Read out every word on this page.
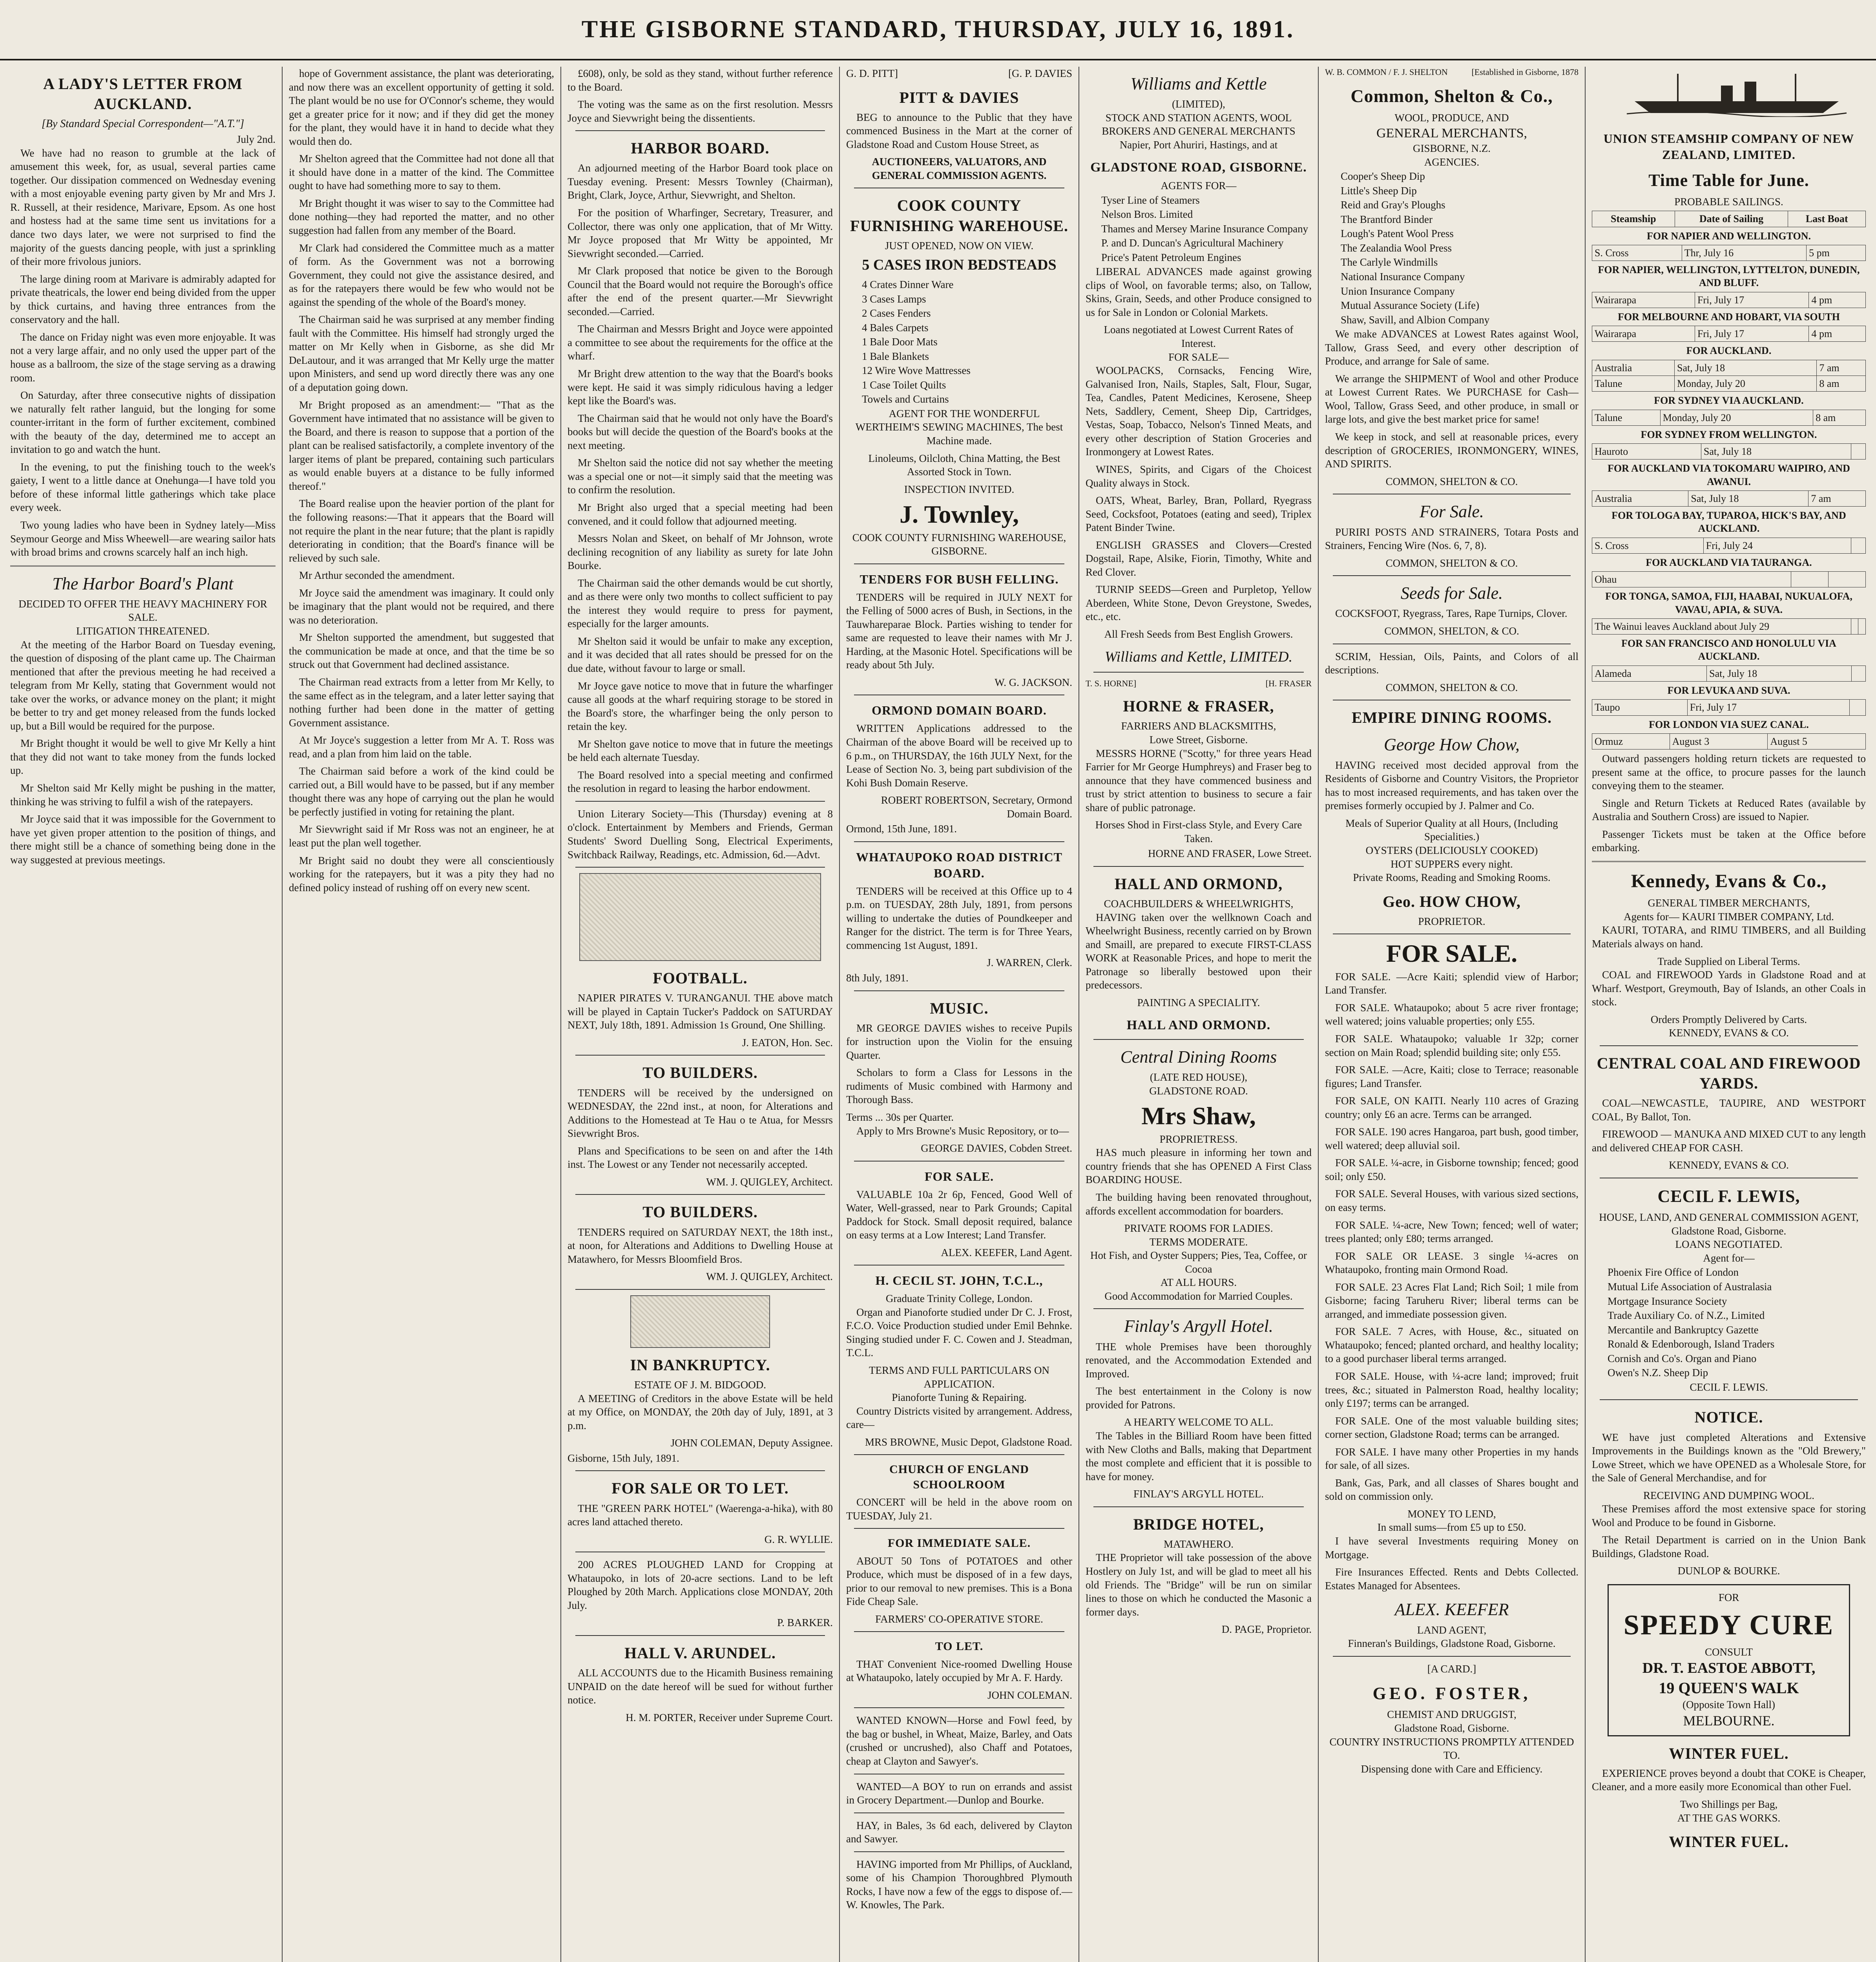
THE GISBORNE STANDARD, THURSDAY, JULY 16, 1891.
A LADY'S LETTER FROM AUCKLAND.
[By Standard Special Correspondent—"A.T."]
July 2nd.

We have had no reason to grumble at the lack of amusement this week, for, as usual, several parties came together. Our dissipation commenced on Wednesday evening with a most enjoyable evening party given by Mr and Mrs J. R. Russell, at their residence, Marivare, Epsom. As one host and hostess had at the same time sent us invitations for a dance two days later, we were not surprised to find the majority of the guests dancing people, with just a sprinkling of their more frivolous juniors.

The large dining room at Marivare is admirably adapted for private theatricals, the lower end being divided from the upper by thick curtains, and having three entrances from the conservatory and the hall.

The dance on Friday night was even more enjoyable. It was not a very large affair, and no only used the upper part of the house as a ballroom, the size of the stage serving as a drawing room.

On Saturday, after three consecutive nights of dissipation we naturally felt rather languid, but the longing for some counter-irritant in the form of further excitement, combined with the beauty of the day, determined me to accept an invitation to go and watch the hunt.

In the evening, to put the finishing touch to the week's gaiety, I went to a little dance at Onehunga—I have told you before of these informal little gatherings which take place every week.

Two young ladies who have been in Sydney lately—Miss Seymour George and Miss Wheewell—are wearing sailor hats with broad brims and crowns scarcely half an inch high.

The Harbor Board's Plant
DECIDED TO OFFER THE HEAVY MACHINERY FOR SALE.
LITIGATION THREATENED.

At the meeting of the Harbor Board on Tuesday evening, the question of disposing of the plant came up. The Chairman mentioned that after the previous meeting he had received a telegram from Mr Kelly, stating that Government would not take over the works, or advance money on the plant; it might be better to try and get money released from the funds locked up, but a Bill would be required for the purpose.

Mr Bright thought it would be well to give Mr Kelly a hint that they did not want to take money from the funds locked up.

Mr Shelton said Mr Kelly might be pushing in the matter, thinking he was striving to fulfil a wish of the ratepayers.

Mr Joyce said that it was impossible for the Government to have yet given proper attention to the position of things, and there might still be a chance of something being done in the way suggested at previous meetings.

hope of Government assistance, the plant was deteriorating, and now there was an excellent opportunity of getting it sold. The plant would be no use for O'Connor's scheme, they would get a greater price for it now; and if they did get the money for the plant, they would have it in hand to decide what they would then do.

Mr Shelton agreed that the Committee had not done all that it should have done in a matter of the kind. The Committee ought to have had something more to say to them.

Mr Bright thought it was wiser to say to the Committee had done nothing—they had reported the matter, and no other suggestion had fallen from any member of the Board.

Mr Clark had considered the Committee much as a matter of form. As the Government was not a borrowing Government, they could not give the assistance desired, and as for the ratepayers there would be few who would not be against the spending of the whole of the Board's money.

The Chairman said he was surprised at any member finding fault with the Committee. His himself had strongly urged the matter on Mr Kelly when in Gisborne, as she did Mr DeLautour, and it was arranged that Mr Kelly urge the matter upon Ministers, and send up word directly there was any one of a deputation going down.

Mr Bright proposed as an amendment:— "That as the Government have intimated that no assistance will be given to the Board, and there is reason to suppose that a portion of the plant can be realised satisfactorily, a complete inventory of the larger items of plant be prepared, containing such particulars as would enable buyers at a distance to be fully informed thereof."

The Board realise upon the heavier portion of the plant for the following reasons:—That it appears that the Board will not require the plant in the near future; that the plant is rapidly deteriorating in condition; that the Board's finance will be relieved by such sale.

Mr Arthur seconded the amendment.

Mr Joyce said the amendment was imaginary. It could only be imaginary that the plant would not be required, and there was no deterioration.

Mr Shelton supported the amendment, but suggested that the communication be made at once, and that the time be so struck out that Government had declined assistance.

The Chairman read extracts from a letter from Mr Kelly, to the same effect as in the telegram, and a later letter saying that nothing further had been done in the matter of getting Government assistance.

At Mr Joyce's suggestion a letter from Mr A. T. Ross was read, and a plan from him laid on the table.

The Chairman said before a work of the kind could be carried out, a Bill would have to be passed, but if any member thought there was any hope of carrying out the plan he would be perfectly justified in voting for retaining the plant.

Mr Sievwright said if Mr Ross was not an engineer, he at least put the plan well together.

Mr Bright said no doubt they were all conscientiously working for the ratepayers, but it was a pity they had no defined policy instead of rushing off on every new scent.

£608), only, be sold as they stand, without further reference to the Board.

The voting was the same as on the first resolution. Messrs Joyce and Sievwright being the dissentients.

HARBOR BOARD.

An adjourned meeting of the Harbor Board took place on Tuesday evening. Present: Messrs Townley (Chairman), Bright, Clark, Joyce, Arthur, Sievwright, and Shelton.

For the position of Wharfinger, Secretary, Treasurer, and Collector, there was only one application, that of Mr Witty. Mr Joyce proposed that Mr Witty be appointed, Mr Sievwright seconded.—Carried.

Mr Clark proposed that notice be given to the Borough Council that the Board would not require the Borough's office after the end of the present quarter.—Mr Sievwright seconded.—Carried.

The Chairman and Messrs Bright and Joyce were appointed a committee to see about the requirements for the office at the wharf.

Mr Bright drew attention to the way that the Board's books were kept. He said it was simply ridiculous having a ledger kept like the Board's was.

The Chairman said that he would not only have the Board's books but will decide the question of the Board's books at the next meeting.

Mr Shelton said the notice did not say whether the meeting was a special one or not—it simply said that the meeting was to confirm the resolution.

Mr Bright also urged that a special meeting had been convened, and it could follow that adjourned meeting.

Messrs Nolan and Skeet, on behalf of Mr Johnson, wrote declining recognition of any liability as surety for late John Bourke.

The Chairman said the other demands would be cut shortly, and as there were only two months to collect sufficient to pay the interest they would require to press for payment, especially for the larger amounts.

Mr Shelton said it would be unfair to make any exception, and it was decided that all rates should be pressed for on the due date, without favour to large or small.

Mr Joyce gave notice to move that in future the wharfinger cause all goods at the wharf requiring storage to be stored in the Board's store, the wharfinger being the only person to retain the key.

Mr Shelton gave notice to move that in future the meetings be held each alternate Tuesday.

The Board resolved into a special meeting and confirmed the resolution in regard to leasing the harbor endowment.

Union Literary Society—This (Thursday) evening at 8 o'clock. Entertainment by Members and Friends, German Students' Sword Duelling Song, Electrical Experiments, Switchback Railway, Readings, etc. Admission, 6d.—Advt.

FOOTBALL.

NAPIER PIRATES V. TURANGANUI. THE above match will be played in Captain Tucker's Paddock on SATURDAY NEXT, July 18th, 1891. Admission 1s Ground, One Shilling.

J. EATON, Hon. Sec.
TO BUILDERS.

TENDERS will be received by the undersigned on WEDNESDAY, the 22nd inst., at noon, for Alterations and Additions to the Homestead at Te Hau o te Atua, for Messrs Sievwright Bros.

Plans and Specifications to be seen on and after the 14th inst. The Lowest or any Tender not necessarily accepted.

WM. J. QUIGLEY, Architect.
TO BUILDERS.

TENDERS required on SATURDAY NEXT, the 18th inst., at noon, for Alterations and Additions to Dwelling House at Matawhero, for Messrs Bloomfield Bros.

WM. J. QUIGLEY, Architect.
IN BANKRUPTCY.
ESTATE OF J. M. BIDGOOD.

A MEETING of Creditors in the above Estate will be held at my Office, on MONDAY, the 20th day of July, 1891, at 3 p.m.

JOHN COLEMAN, Deputy Assignee.
Gisborne, 15th July, 1891.
FOR SALE OR TO LET.

THE "GREEN PARK HOTEL" (Waerenga-a-hika), with 80 acres land attached thereto.

G. R. WYLLIE.

200 ACRES PLOUGHED LAND for Cropping at Whataupoko, in lots of 20-acre sections. Land to be left Ploughed by 20th March. Applications close MONDAY, 20th July.

P. BARKER.
HALL V. ARUNDEL.

ALL ACCOUNTS due to the Hicamith Business remaining UNPAID on the date hereof will be sued for without further notice.

H. M. PORTER, Receiver under Supreme Court.
G. D. PITT]	[G. P. DAVIES
PITT & DAVIES

BEG to announce to the Public that they have commenced Business in the Mart at the corner of Gladstone Road and Custom House Street, as

AUCTIONEERS, VALUATORS, AND GENERAL COMMISSION AGENTS.
COOK COUNTY FURNISHING WAREHOUSE.
JUST OPENED, NOW ON VIEW.
5 CASES IRON BEDSTEADS
4 Crates Dinner Ware
3 Cases Lamps
2 Cases Fenders
4 Bales Carpets
1 Bale Door Mats
1 Bale Blankets
12 Wire Wove Mattresses
1 Case Toilet Quilts
Towels and Curtains

AGENT FOR THE WONDERFUL WERTHEIM'S SEWING MACHINES, The best Machine made.

Linoleums, Oilcloth, China Matting, the Best Assorted Stock in Town.

INSPECTION INVITED.
J. Townley,
COOK COUNTY FURNISHING WAREHOUSE, GISBORNE.
TENDERS FOR BUSH FELLING.

TENDERS will be required in JULY NEXT for the Felling of 5000 acres of Bush, in Sections, in the Tauwhareparae Block. Parties wishing to tender for same are requested to leave their names with Mr J. Harding, at the Masonic Hotel. Specifications will be ready about 5th July.

W. G. JACKSON.
ORMOND DOMAIN BOARD.

WRITTEN Applications addressed to the Chairman of the above Board will be received up to 6 p.m., on THURSDAY, the 16th JULY Next, for the Lease of Section No. 3, being part subdivision of the Kohi Bush Domain Reserve.

ROBERT ROBERTSON, Secretary, Ormond Domain Board.
Ormond, 15th June, 1891.
WHATAUPOKO ROAD DISTRICT BOARD.

TENDERS will be received at this Office up to 4 p.m. on TUESDAY, 28th July, 1891, from persons willing to undertake the duties of Poundkeeper and Ranger for the district. The term is for Three Years, commencing 1st August, 1891.

J. WARREN, Clerk.
8th July, 1891.
MUSIC.

MR GEORGE DAVIES wishes to receive Pupils for instruction upon the Violin for the ensuing Quarter.

Scholars to form a Class for Lessons in the rudiments of Music combined with Harmony and Thorough Bass.

Terms ... 30s per Quarter.

Apply to Mrs Browne's Music Repository, or to—

GEORGE DAVIES, Cobden Street.
FOR SALE.

VALUABLE 10a 2r 6p, Fenced, Good Well of Water, Well-grassed, near to Park Grounds; Capital Paddock for Stock. Small deposit required, balance on easy terms at a Low Interest; Land Transfer.

ALEX. KEEFER, Land Agent.
H. CECIL ST. JOHN, T.C.L.,
Graduate Trinity College, London.

Organ and Pianoforte studied under Dr C. J. Frost, F.C.O. Voice Production studied under Emil Behnke. Singing studied under F. C. Cowen and J. Steadman, T.C.L.

TERMS AND FULL PARTICULARS ON APPLICATION.
Pianoforte Tuning & Repairing.

Country Districts visited by arrangement. Address, care—

MRS BROWNE, Music Depot, Gladstone Road.
CHURCH OF ENGLAND SCHOOLROOM

CONCERT will be held in the above room on TUESDAY, July 21.

FOR IMMEDIATE SALE.

ABOUT 50 Tons of POTATOES and other Produce, which must be disposed of in a few days, prior to our removal to new premises. This is a Bona Fide Cheap Sale.

FARMERS' CO-OPERATIVE STORE.
TO LET.

THAT Convenient Nice-roomed Dwelling House at Whataupoko, lately occupied by Mr A. F. Hardy.

JOHN COLEMAN.

WANTED KNOWN—Horse and Fowl feed, by the bag or bushel, in Wheat, Maize, Barley, and Oats (crushed or uncrushed), also Chaff and Potatoes, cheap at Clayton and Sawyer's.

WANTED—A BOY to run on errands and assist in Grocery Department.—Dunlop and Bourke.

HAY, in Bales, 3s 6d each, delivered by Clayton and Sawyer.

HAVING imported from Mr Phillips, of Auckland, some of his Champion Thoroughbred Plymouth Rocks, I have now a few of the eggs to dispose of.—W. Knowles, The Park.

Williams and Kettle
(LIMITED),
STOCK AND STATION AGENTS, WOOL BROKERS AND GENERAL MERCHANTS
Napier, Port Ahuriri, Hastings, and at
GLADSTONE ROAD, GISBORNE.
AGENTS FOR—
Tyser Line of Steamers
Nelson Bros. Limited
Thames and Mersey Marine Insurance Company
P. and D. Duncan's Agricultural Machinery
Price's Patent Petroleum Engines

LIBERAL ADVANCES made against growing clips of Wool, on favorable terms; also, on Tallow, Skins, Grain, Seeds, and other Produce consigned to us for Sale in London or Colonial Markets.

Loans negotiated at Lowest Current Rates of Interest.
FOR SALE—

WOOLPACKS, Cornsacks, Fencing Wire, Galvanised Iron, Nails, Staples, Salt, Flour, Sugar, Tea, Candles, Patent Medicines, Kerosene, Sheep Nets, Saddlery, Cement, Sheep Dip, Cartridges, Vestas, Soap, Tobacco, Nelson's Tinned Meats, and every other description of Station Groceries and Ironmongery at Lowest Rates.

WINES, Spirits, and Cigars of the Choicest Quality always in Stock.

OATS, Wheat, Barley, Bran, Pollard, Ryegrass Seed, Cocksfoot, Potatoes (eating and seed), Triplex Patent Binder Twine.

ENGLISH GRASSES and Clovers—Crested Dogstail, Rape, Alsike, Fiorin, Timothy, White and Red Clover.

TURNIP SEEDS—Green and Purpletop, Yellow Aberdeen, White Stone, Devon Greystone, Swedes, etc., etc.

All Fresh Seeds from Best English Growers.
Williams and Kettle, LIMITED.
T. S. HORNE]	[H. FRASER
HORNE & FRASER,
FARRIERS AND BLACKSMITHS,
Lowe Street, Gisborne.

MESSRS HORNE ("Scotty," for three years Head Farrier for Mr George Humphreys) and Fraser beg to announce that they have commenced business and trust by strict attention to business to secure a fair share of public patronage.

Horses Shod in First-class Style, and Every Care Taken.
HORNE AND FRASER, Lowe Street.
HALL AND ORMOND,
COACHBUILDERS & WHEELWRIGHTS,

HAVING taken over the wellknown Coach and Wheelwright Business, recently carried on by Brown and Smaill, are prepared to execute FIRST-CLASS WORK at Reasonable Prices, and hope to merit the Patronage so liberally bestowed upon their predecessors.

PAINTING A SPECIALITY.
HALL AND ORMOND.
Central Dining Rooms
(LATE RED HOUSE),
GLADSTONE ROAD.
Mrs Shaw,
PROPRIETRESS.

HAS much pleasure in informing her town and country friends that she has OPENED A First Class BOARDING HOUSE.

The building having been renovated throughout, affords excellent accommodation for boarders.

PRIVATE ROOMS FOR LADIES.
TERMS MODERATE.
Hot Fish, and Oyster Suppers; Pies, Tea, Coffee, or Cocoa
AT ALL HOURS.
Good Accommodation for Married Couples.
Finlay's Argyll Hotel.

THE whole Premises have been thoroughly renovated, and the Accommodation Extended and Improved.

The best entertainment in the Colony is now provided for Patrons.

A HEARTY WELCOME TO ALL.

The Tables in the Billiard Room have been fitted with New Cloths and Balls, making that Department the most complete and efficient that it is possible to have for money.

FINLAY'S ARGYLL HOTEL.
BRIDGE HOTEL,
MATAWHERO.

THE Proprietor will take possession of the above Hostlery on July 1st, and will be glad to meet all his old Friends. The "Bridge" will be run on similar lines to those on which he conducted the Masonic a former days.

D. PAGE, Proprietor.
W. B. COMMON / F. J. SHELTON	[Established in Gisborne, 1878
Common, Shelton & Co.,
WOOL, PRODUCE, AND
GENERAL MERCHANTS,
GISBORNE, N.Z.
AGENCIES.
Cooper's Sheep Dip
Little's Sheep Dip
Reid and Gray's Ploughs
The Brantford Binder
Lough's Patent Wool Press
The Zealandia Wool Press
The Carlyle Windmills
National Insurance Company
Union Insurance Company
Mutual Assurance Society (Life)
Shaw, Savill, and Albion Company

We make ADVANCES at Lowest Rates against Wool, Tallow, Grass Seed, and every other description of Produce, and arrange for Sale of same.

We arrange the SHIPMENT of Wool and other Produce at Lowest Current Rates. We PURCHASE for Cash—Wool, Tallow, Grass Seed, and other produce, in small or large lots, and give the best market price for same!

We keep in stock, and sell at reasonable prices, every description of GROCERIES, IRONMONGERY, WINES, AND SPIRITS.

COMMON, SHELTON & CO.
For Sale.

PURIRI POSTS AND STRAINERS, Totara Posts and Strainers, Fencing Wire (Nos. 6, 7, 8).

COMMON, SHELTON & CO.
Seeds for Sale.

COCKSFOOT, Ryegrass, Tares, Rape Turnips, Clover.

COMMON, SHELTON, & CO.

SCRIM, Hessian, Oils, Paints, and Colors of all descriptions.

COMMON, SHELTON & CO.
EMPIRE DINING ROOMS.
George How Chow,

HAVING received most decided approval from the Residents of Gisborne and Country Visitors, the Proprietor has to most increased requirements, and has taken over the premises formerly occupied by J. Palmer and Co.

Meals of Superior Quality at all Hours, (Including Specialities.)
OYSTERS (DELICIOUSLY COOKED)
HOT SUPPERS every night.
Private Rooms, Reading and Smoking Rooms.
Geo. HOW CHOW,
PROPRIETOR.
FOR SALE.

FOR SALE. —Acre Kaiti; splendid view of Harbor; Land Transfer.

FOR SALE. Whataupoko; about 5 acre river frontage; well watered; joins valuable properties; only £55.

FOR SALE. Whataupoko; valuable 1r 32p; corner section on Main Road; splendid building site; only £55.

FOR SALE. —Acre, Kaiti; close to Terrace; reasonable figures; Land Transfer.

FOR SALE, ON KAITI. Nearly 110 acres of Grazing country; only £6 an acre. Terms can be arranged.

FOR SALE. 190 acres Hangaroa, part bush, good timber, well watered; deep alluvial soil.

FOR SALE. ¼-acre, in Gisborne township; fenced; good soil; only £50.

FOR SALE. Several Houses, with various sized sections, on easy terms.

FOR SALE. ¼-acre, New Town; fenced; well of water; trees planted; only £80; terms arranged.

FOR SALE OR LEASE. 3 single ¼-acres on Whataupoko, fronting main Ormond Road.

FOR SALE. 23 Acres Flat Land; Rich Soil; 1 mile from Gisborne; facing Taruheru River; liberal terms can be arranged, and immediate possession given.

FOR SALE. 7 Acres, with House, &c., situated on Whataupoko; fenced; planted orchard, and healthy locality; to a good purchaser liberal terms arranged.

FOR SALE. House, with ¼-acre land; improved; fruit trees, &c.; situated in Palmerston Road, healthy locality; only £197; terms can be arranged.

FOR SALE. One of the most valuable building sites; corner section, Gladstone Road; terms can be arranged.

FOR SALE. I have many other Properties in my hands for sale, of all sizes.

Bank, Gas, Park, and all classes of Shares bought and sold on commission only.

MONEY TO LEND,
In small sums—from £5 up to £50.

I have several Investments requiring Money on Mortgage.

Fire Insurances Effected. Rents and Debts Collected. Estates Managed for Absentees.

ALEX. KEEFER
LAND AGENT,
Finneran's Buildings, Gladstone Road, Gisborne.
[A CARD.]
GEO. FOSTER,
CHEMIST AND DRUGGIST,
Gladstone Road, Gisborne.
COUNTRY INSTRUCTIONS PROMPTLY ATTENDED TO.
Dispensing done with Care and Efficiency.
UNION STEAMSHIP COMPANY OF NEW ZEALAND, LIMITED.
Time Table for June.
PROBABLE SAILINGS.
Steamship	Date of Sailing	Last Boat
FOR NAPIER AND WELLINGTON.
S. Cross	Thr, July 16	5 pm
FOR NAPIER, WELLINGTON, LYTTELTON, DUNEDIN, AND BLUFF.
Wairarapa	Fri, July 17	4 pm
FOR MELBOURNE AND HOBART, VIA SOUTH
Wairarapa	Fri, July 17	4 pm
FOR AUCKLAND.
Australia	Sat, July 18	7 am
Talune	Monday, July 20	8 am
FOR SYDNEY VIA AUCKLAND.
Talune	Monday, July 20	8 am
FOR SYDNEY FROM WELLINGTON.
Hauroto	Sat, July 18	
FOR AUCKLAND VIA TOKOMARU WAIPIRO, AND AWANUI.
Australia	Sat, July 18	7 am
FOR TOLOGA BAY, TUPAROA, HICK'S BAY, AND AUCKLAND.
S. Cross	Fri, July 24	
FOR AUCKLAND VIA TAURANGA.
Ohau		
FOR TONGA, SAMOA, FIJI, HAABAI, NUKUALOFA, VAVAU, APIA, & SUVA.
The Wainui leaves Auckland about July 29		
FOR SAN FRANCISCO AND HONOLULU VIA AUCKLAND.
Alameda	Sat, July 18	
FOR LEVUKA AND SUVA.
Taupo	Fri, July 17	
FOR LONDON VIA SUEZ CANAL.
Ormuz	August 3	August 5

Outward passengers holding return tickets are requested to present same at the office, to procure passes for the launch conveying them to the steamer.

Single and Return Tickets at Reduced Rates (available by Australia and Southern Cross) are issued to Napier.

Passenger Tickets must be taken at the Office before embarking.

Kennedy, Evans & Co.,
GENERAL TIMBER MERCHANTS,
Agents for— KAURI TIMBER COMPANY, Ltd.

KAURI, TOTARA, and RIMU TIMBERS, and all Building Materials always on hand.

Trade Supplied on Liberal Terms.

COAL and FIREWOOD Yards in Gladstone Road and at Wharf. Westport, Greymouth, Bay of Islands, an other Coals in stock.

Orders Promptly Delivered by Carts.
KENNEDY, EVANS & CO.
CENTRAL COAL AND FIREWOOD YARDS.

COAL—NEWCASTLE, TAUPIRE, AND WESTPORT COAL, By Ballot, Ton.

FIREWOOD — MANUKA AND MIXED CUT to any length and delivered CHEAP FOR CASH.

KENNEDY, EVANS & CO.
CECIL F. LEWIS,
HOUSE, LAND, AND GENERAL COMMISSION AGENT,
Gladstone Road, Gisborne.
LOANS NEGOTIATED.
Agent for—
Phoenix Fire Office of London
Mutual Life Association of Australasia
Mortgage Insurance Society
Trade Auxiliary Co. of N.Z., Limited
Mercantile and Bankruptcy Gazette
Ronald & Edenborough, Island Traders
Cornish and Co's. Organ and Piano
Owen's N.Z. Sheep Dip
CECIL F. LEWIS.
NOTICE.

WE have just completed Alterations and Extensive Improvements in the Buildings known as the "Old Brewery," Lowe Street, which we have OPENED as a Wholesale Store, for the Sale of General Merchandise, and for

RECEIVING AND DUMPING WOOL.

These Premises afford the most extensive space for storing Wool and Produce to be found in Gisborne.

The Retail Department is carried on in the Union Bank Buildings, Gladstone Road.

DUNLOP & BOURKE.
FOR
SPEEDY CURE
CONSULT
DR. T. EASTOE ABBOTT,
19 QUEEN'S WALK
(Opposite Town Hall)
MELBOURNE.
WINTER FUEL.

EXPERIENCE proves beyond a doubt that COKE is Cheaper, Cleaner, and a more easily more Economical than other Fuel.

Two Shillings per Bag,
AT THE GAS WORKS.
WINTER FUEL.
